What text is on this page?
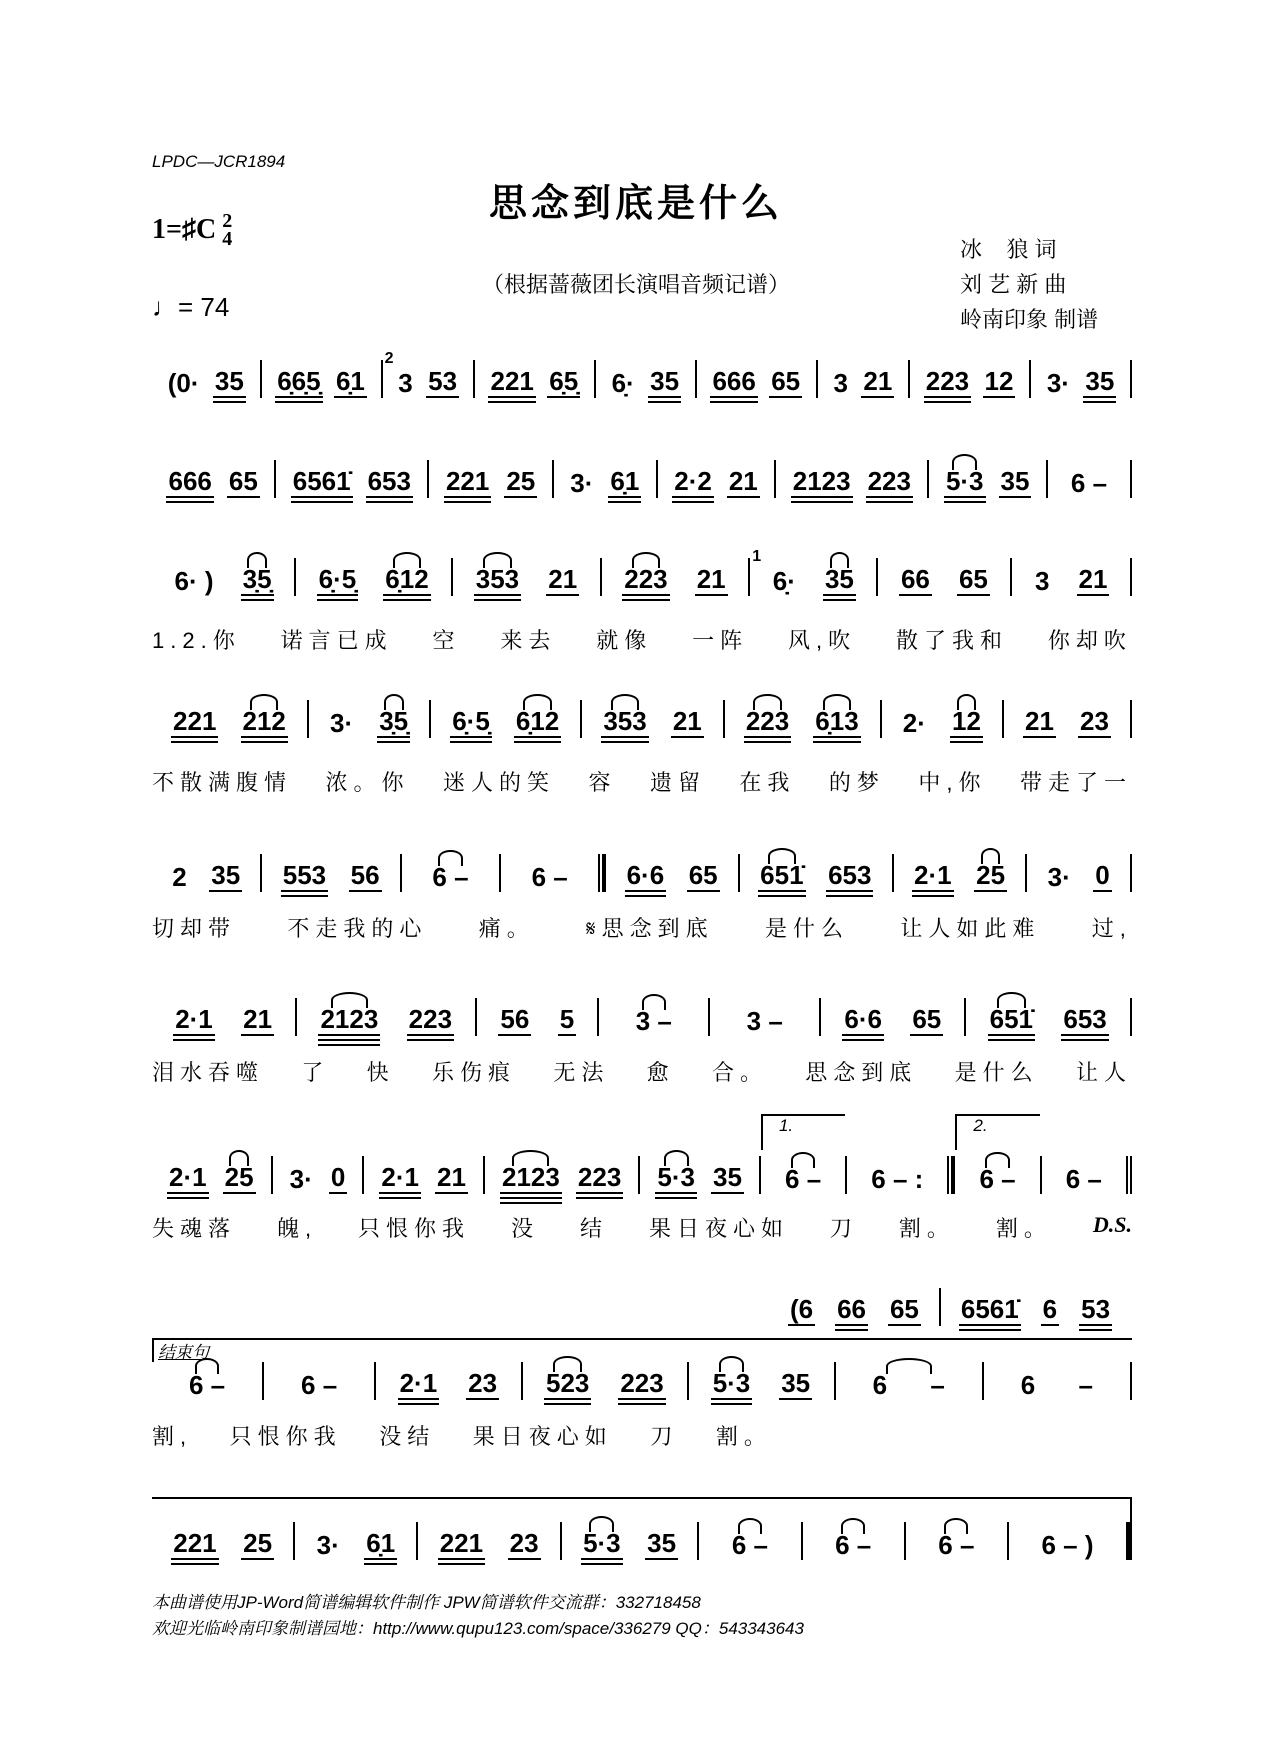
LPDC—JCR1894
思念到底是什么
1=♯C 2
4
♩= 74
（根据蔷薇团长演唱音频记谱）
冰    狼 词
刘 艺 新 曲
岭南印象 制谱
结束句
(0· 35 6̣6̣5̣ 6̣1
2
3 53 221 6̣5̣ 6̣· 35 666 65 3 21 223 12 3· 35
666 65 6561̇ 653 221 25 3· 6̣1 2·2 21 2123 223 5·3 35 6 –
6· ) 3̣5̣ 6̣·5̣ 6̣12 353 21 223 21
1
6̣· 35 66 65 3 21
1.2.你 诺言已成 空 来去 就像 一阵 风,吹 散了我和 你却吹
221 212 3· 3̣5̣ 6̣·5̣ 6̣12 353 21 223 6̣13 2· 12 21 23
不散满腹情 浓。你 迷人的笑 容 遗留 在我 的梦 中,你 带走了一
2 35 553 56 6 – 6 – 6·6 65 651̇ 653 2·1 25 3· 0
切却带 不走我的心 痛。 𝄋思念到底 是什么 让人如此难 过,
2·1 21 2123 223 56 5 3 –	3 – 6·6 65 651̇ 653
泪水吞噬 了 快 乐伤痕 无法 愈 合。 思念到底 是什么 让人
2·1 25 3· 0 2·1 21 2123 223 5·3 35
1.
6 – 6 – :
2.
6 – 6 –
失魂落 魄, 只恨你我 没 结 果日夜心如 刀 割。 割。 D.S.
(6 66 65 6561̇ 6 53
6 –	6 – 2·1 23 523 223 5·3 35 6      –	6      –
割, 只恨你我 没结 果日夜心如 刀 割。
221 25 3· 6̣1 221 23 5·3 35 6 –	6 –	6 –	6 – )
本曲谱使用JP-Word简谱编辑软件制作 JPW简谱软件交流群：332718458
欢迎光临岭南印象制谱园地：http://www.qupu123.com/space/336279 QQ：543343643
